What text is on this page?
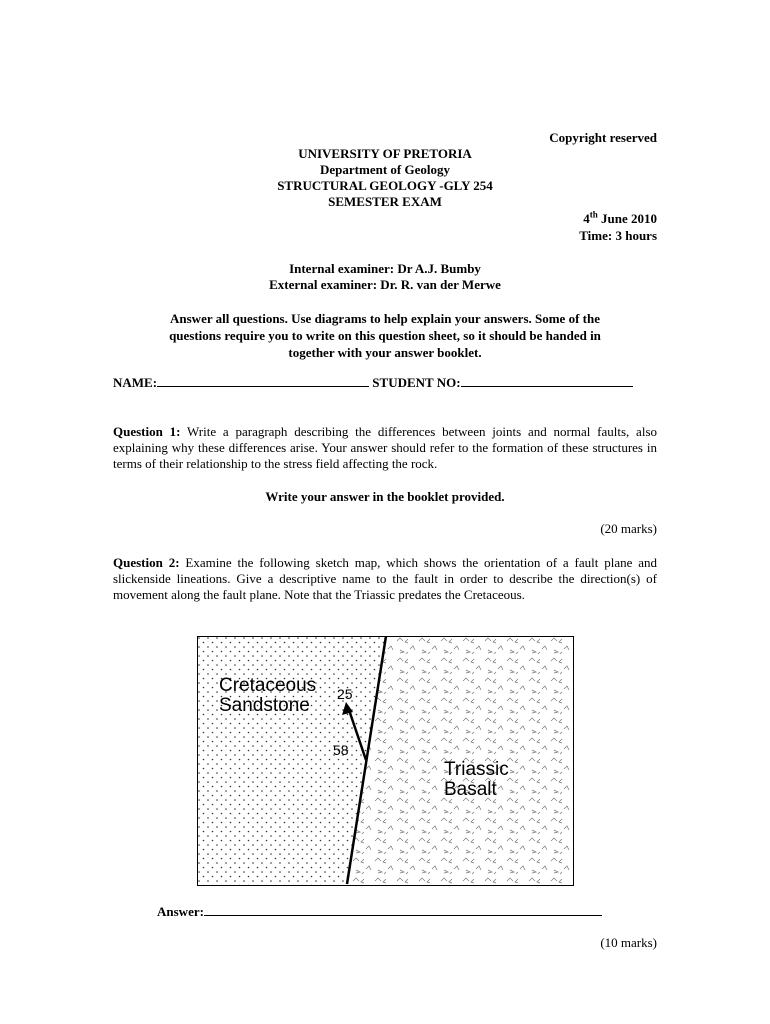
Copyright reserved
UNIVERSITY OF PRETORIA
Department of Geology
STRUCTURAL GEOLOGY -GLY 254
SEMESTER EXAM
4th June 2010
Time: 3 hours
Internal examiner: Dr A.J. Bumby
External examiner: Dr. R. van der Merwe
Answer all questions. Use diagrams to help explain your answers. Some of the
questions require you to write on this question sheet, so it should be handed in
together with your answer booklet.
NAME:	STUDENT NO:

Question 1: Write a paragraph describing the differences between joints and normal faults, also explaining why these differences arise. Your answer should refer to the formation of these structures in terms of their relationship to the stress field affecting the rock.

Write your answer in the booklet provided.
(20 marks)

Question 2: Examine the following sketch map, which shows the orientation of a fault plane and slickenside lineations. Give a descriptive name to the fault in order to describe the direction(s) of movement along the fault plane. Note that the Triassic predates the Cretaceous.

Cretaceous
Sandstone
25
58
Triassic
Basalt
Answer:
(10 marks)
